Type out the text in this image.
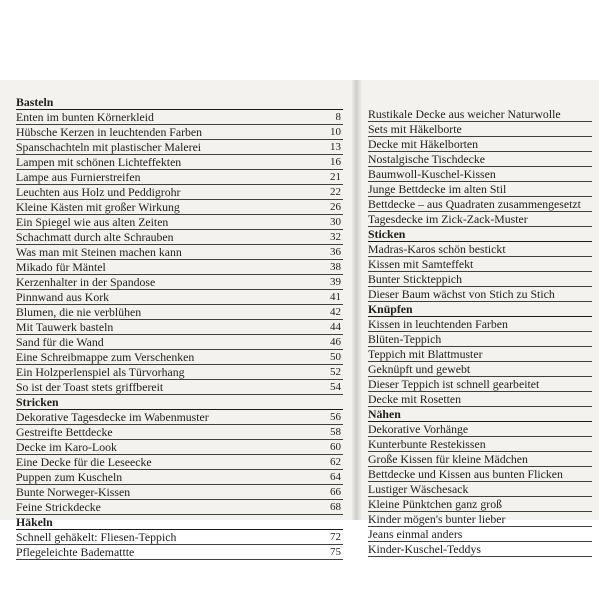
Basteln
Enten im bunten Körnerkleid	8
Hübsche Kerzen in leuchtenden Farben	10
Spanschachteln mit plastischer Malerei	13
Lampen mit schönen Lichteffekten	16
Lampe aus Furnierstreifen	21
Leuchten aus Holz und Peddigrohr	22
Kleine Kästen mit großer Wirkung	26
Ein Spiegel wie aus alten Zeiten	30
Schachmatt durch alte Schrauben	32
Was man mit Steinen machen kann	36
Mikado für Mäntel	38
Kerzenhalter in der Spandose	39
Pinnwand aus Kork	41
Blumen, die nie verblühen	42
Mit Tauwerk basteln	44
Sand für die Wand	46
Eine Schreibmappe zum Verschenken	50
Ein Holzperlenspiel als Türvorhang	52
So ist der Toast stets griffbereit	54
Stricken
Dekorative Tagesdecke im Wabenmuster	56
Gestreifte Bettdecke	58
Decke im Karo-Look	60
Eine Decke für die Leseecke	62
Puppen zum Kuscheln	64
Bunte Norweger-Kissen	66
Feine Strickdecke	68
Häkeln
Schnell gehäkelt: Fliesen-Teppich	72
Pflegeleichte Bademattte	75
Rustikale Decke aus weicher Naturwolle
Sets mit Häkelborte
Decke mit Häkelborten
Nostalgische Tischdecke
Baumwoll-Kuschel-Kissen
Junge Bettdecke im alten Stil
Bettdecke – aus Quadraten zusammengesetzt
Tagesdecke im Zick-Zack-Muster
Sticken
Madras-Karos schön bestickt
Kissen mit Samteffekt
Bunter Stickteppich
Dieser Baum wächst von Stich zu Stich
Knüpfen
Kissen in leuchtenden Farben
Blüten-Teppich
Teppich mit Blattmuster
Geknüpft und gewebt
Dieser Teppich ist schnell gearbeitet
Decke mit Rosetten
Nähen
Dekorative Vorhänge
Kunterbunte Restekissen
Große Kissen für kleine Mädchen
Bettdecke und Kissen aus bunten Flicken
Lustiger Wäschesack
Kleine Pünktchen ganz groß
Kinder mögen's bunter lieber
Jeans einmal anders
Kinder-Kuschel-Teddys
